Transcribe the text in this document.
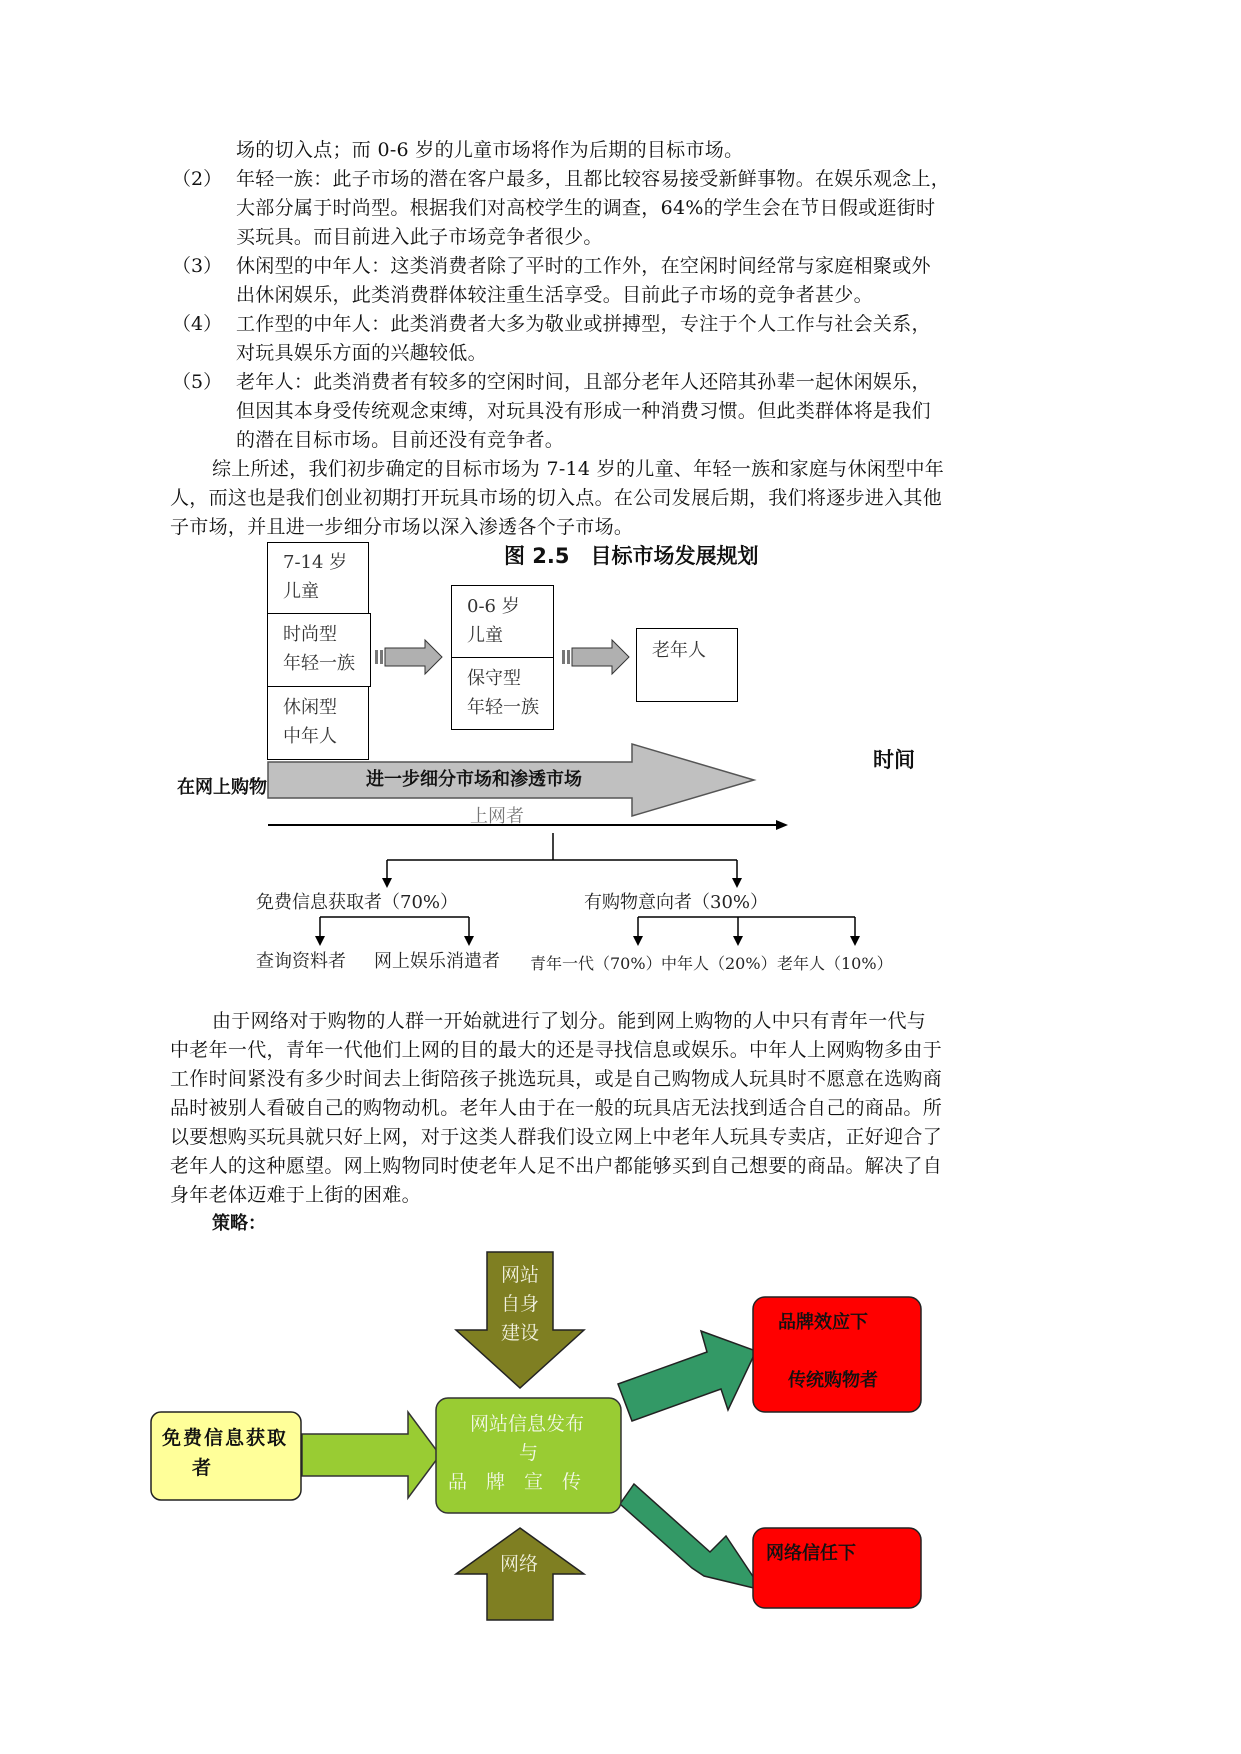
场的切入点；而 0-6 岁的儿童市场将作为后期的目标市场。
（2） 年轻一族：此子市场的潜在客户最多，且都比较容易接受新鲜事物。在娱乐观念上，
大部分属于时尚型。根据我们对高校学生的调查，64%的学生会在节日假或逛街时
买玩具。而目前进入此子市场竞争者很少。
（3） 休闲型的中年人：这类消费者除了平时的工作外，在空闲时间经常与家庭相聚或外
出休闲娱乐，此类消费群体较注重生活享受。目前此子市场的竞争者甚少。
（4） 工作型的中年人：此类消费者大多为敬业或拼搏型，专注于个人工作与社会关系，
对玩具娱乐方面的兴趣较低。
（5） 老年人：此类消费者有较多的空闲时间，且部分老年人还陪其孙辈一起休闲娱乐，
但因其本身受传统观念束缚，对玩具没有形成一种消费习惯。但此类群体将是我们
的潜在目标市场。目前还没有竞争者。
综上所述，我们初步确定的目标市场为 7-14 岁的儿童、年轻一族和家庭与休闲型中年
人，而这也是我们创业初期打开玩具市场的切入点。在公司发展后期，我们将逐步进入其他
子市场，并且进一步细分市场以深入渗透各个子市场。
图 2.5　目标市场发展规划
7-14 岁
儿童
时尚型
年轻一族
休闲型
中年人
0-6 岁
儿童
保守型
年轻一族
老年人
时间
在网上购物	进一步细分市场和渗透市场
上网者
免费信息获取者（70%）	有购物意向者（30%）
查询资料者 网上娱乐消遣者 青年一代（70%） 中年人（20%） 老年人（10%）
由于网络对于购物的人群一开始就进行了划分。能到网上购物的人中只有青年一代与
中老年一代，青年一代他们上网的目的最大的还是寻找信息或娱乐。中年人上网购物多由于
工作时间紧没有多少时间去上街陪孩子挑选玩具，或是自己购物成人玩具时不愿意在选购商
品时被别人看破自己的购物动机。老年人由于在一般的玩具店无法找到适合自己的商品。所
以要想购买玩具就只好上网，对于这类人群我们设立网上中老年人玩具专卖店，正好迎合了
老年人的这种愿望。网上购物同时使老年人足不出户都能够买到自己想要的商品。解决了自
身年老体迈难于上街的困难。
策略：
网站
自身
建设
免费信息获取
者
网站信息发布
与
品　牌　宣　传
品牌效应下
传统购物者
网络	网络信任下
